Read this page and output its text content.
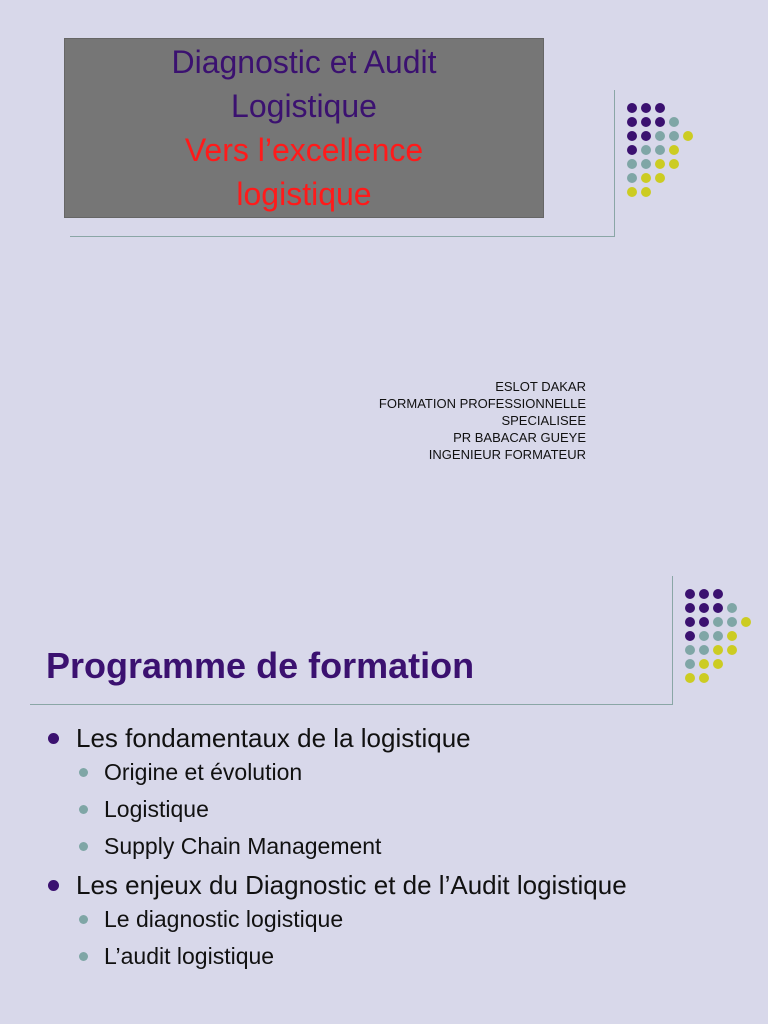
Diagnostic et Audit
Logistique
Vers l’excellence
logistique
ESLOT DAKAR
FORMATION PROFESSIONNELLE
SPECIALISEE
PR BABACAR GUEYE
INGENIEUR FORMATEUR
Programme de formation
Les fondamentaux de la logistique
Origine et évolution
Logistique
Supply Chain Management
Les enjeux du Diagnostic et de l’Audit logistique
Le diagnostic logistique
L’audit logistique
